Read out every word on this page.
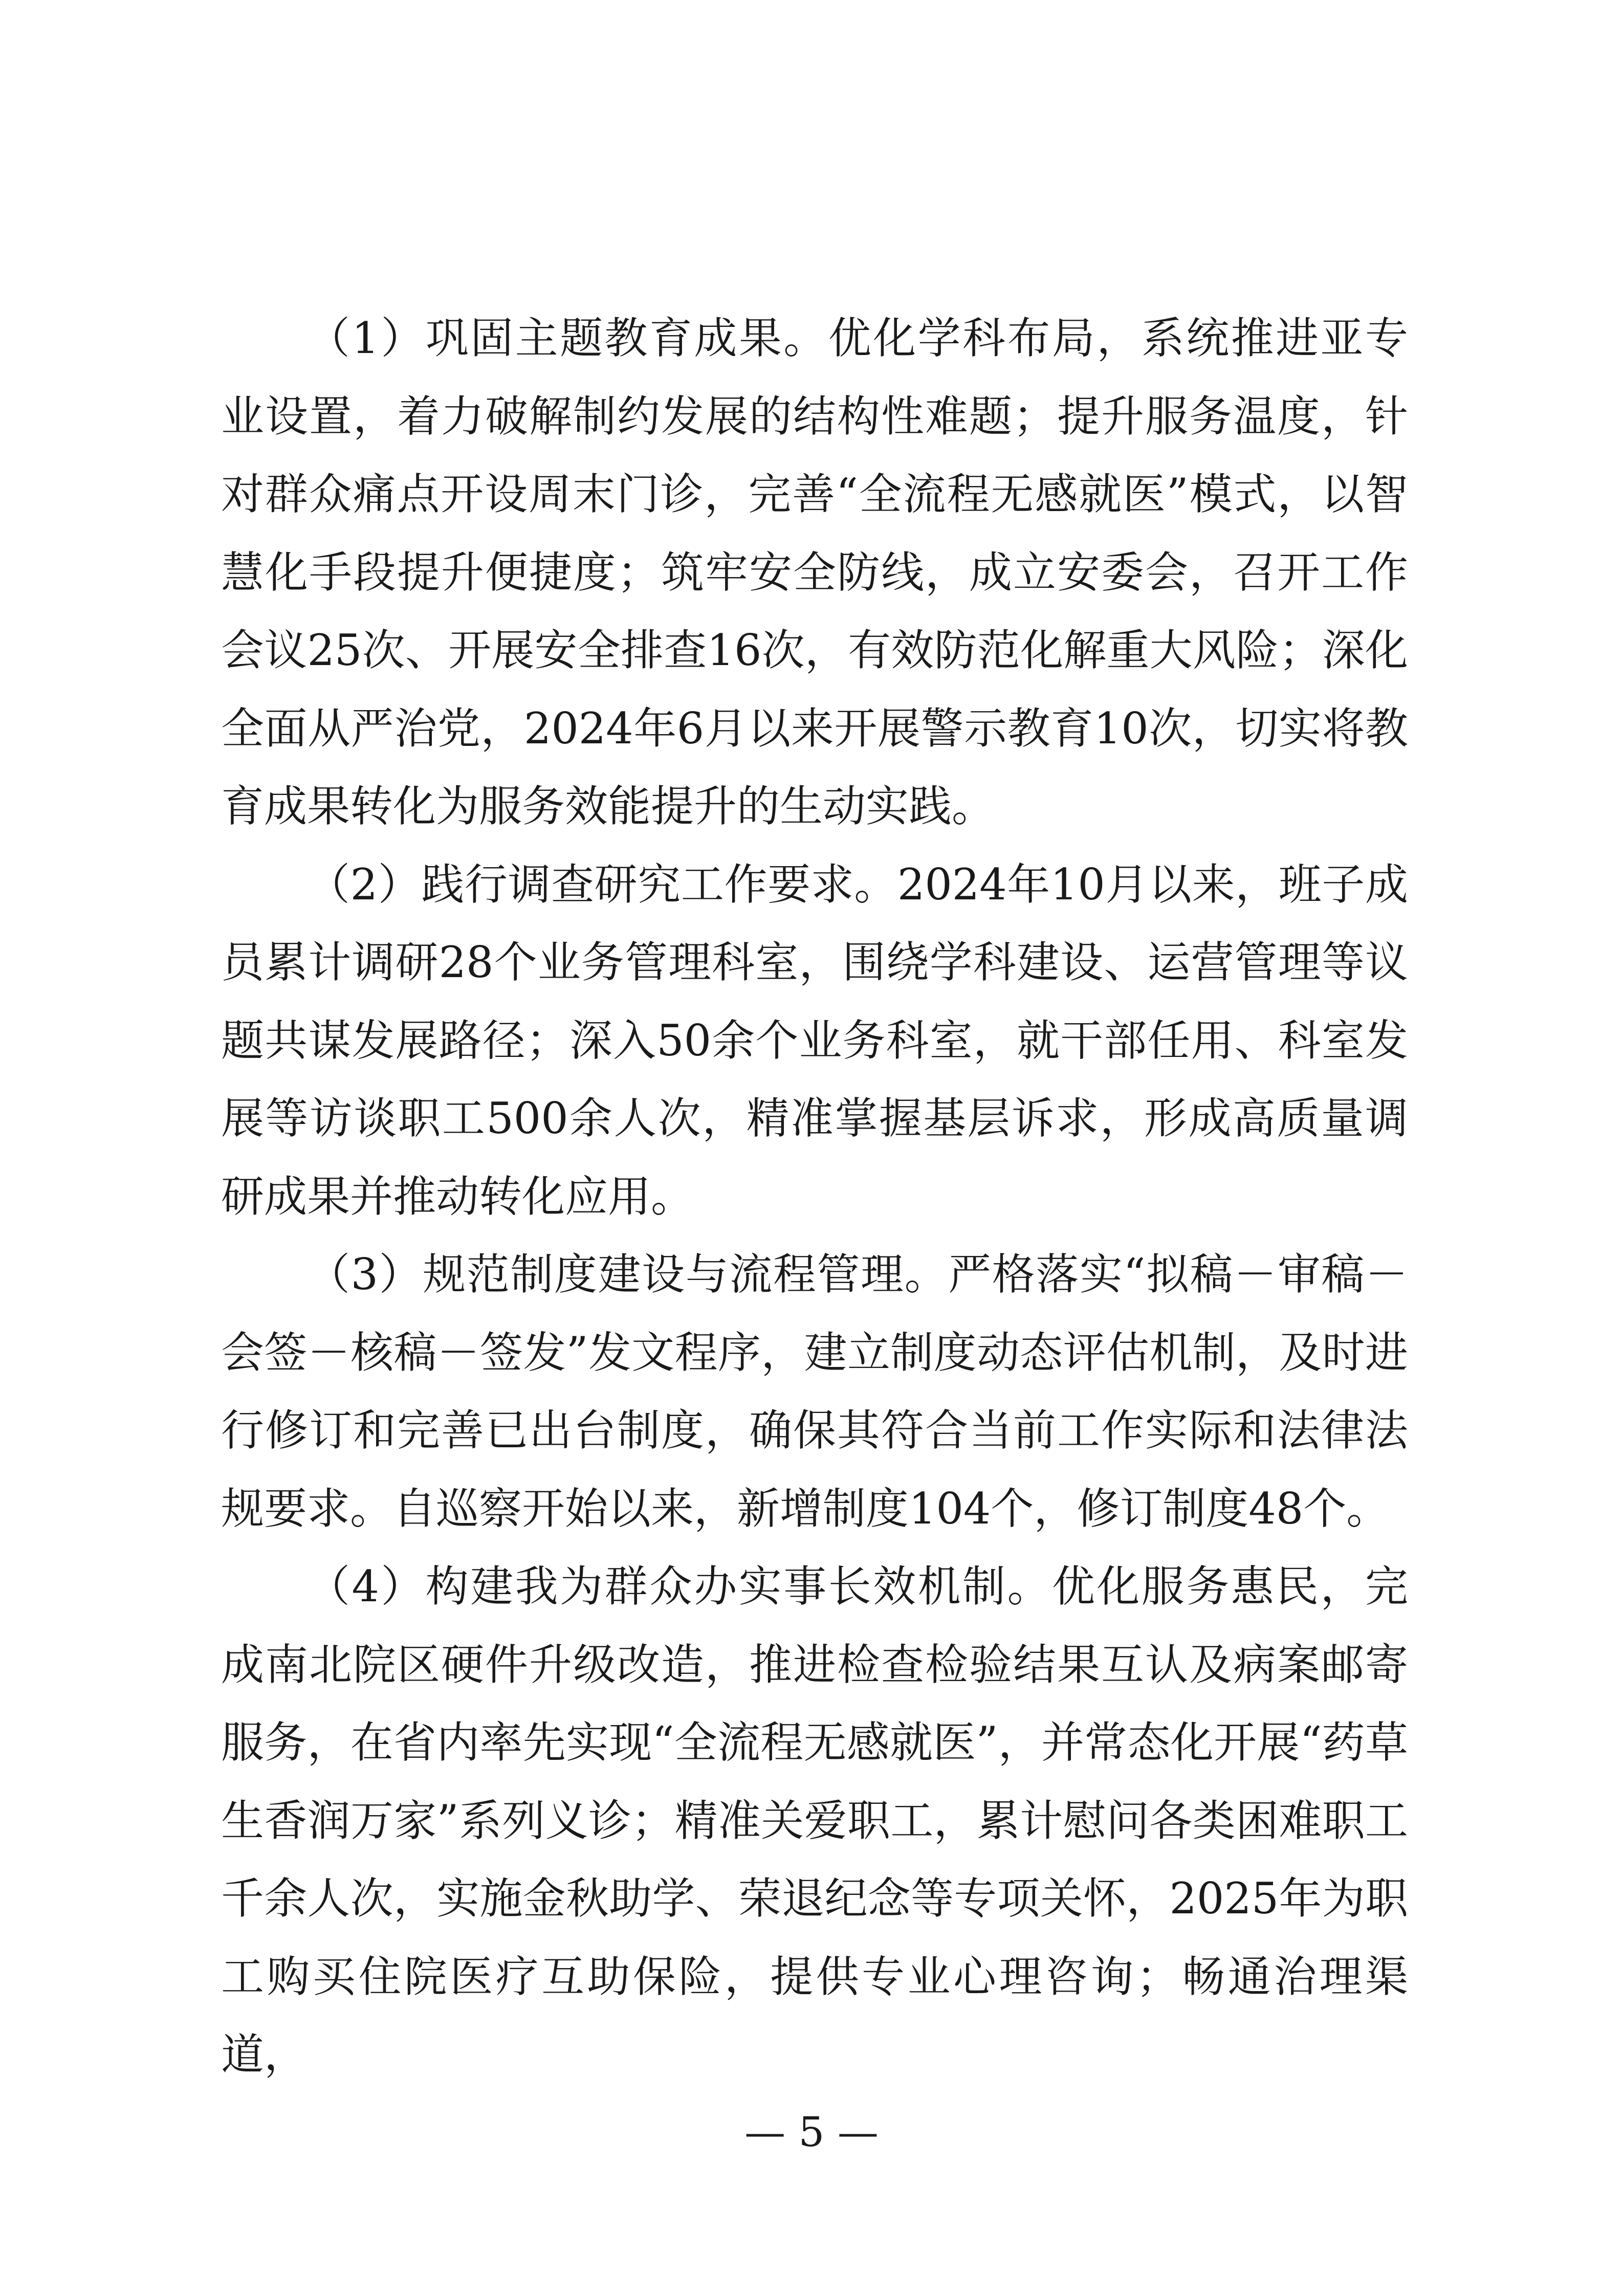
（1）巩固主题教育成果。优化学科布局，系统推进亚专业设置，着力破解制约发展的结构性难题；提升服务温度，针对群众痛点开设周末门诊，完善“全流程无感就医”模式，以智慧化手段提升便捷度；筑牢安全防线，成立安委会，召开工作会议25次、开展安全排查16次，有效防范化解重大风险；深化全面从严治党，2024年6月以来开展警示教育10次，切实将教育成果转化为服务效能提升的生动实践。

（2）践行调查研究工作要求。2024年10月以来，班子成员累计调研28个业务管理科室，围绕学科建设、运营管理等议题共谋发展路径；深入50余个业务科室，就干部任用、科室发展等访谈职工500余人次，精准掌握基层诉求，形成高质量调研成果并推动转化应用。

（3）规范制度建设与流程管理。严格落实“拟稿－审稿－会签－核稿－签发”发文程序，建立制度动态评估机制，及时进行修订和完善已出台制度，确保其符合当前工作实际和法律法规要求。自巡察开始以来，新增制度104个，修订制度48个。

（4）构建我为群众办实事长效机制。优化服务惠民，完成南北院区硬件升级改造，推进检查检验结果互认及病案邮寄服务，在省内率先实现“全流程无感就医”，并常态化开展“药草生香润万家”系列义诊；精准关爱职工，累计慰问各类困难职工千余人次，实施金秋助学、荣退纪念等专项关怀，2025年为职工购买住院医疗互助保险，提供专业心理咨询；畅通治理渠道，

— 5 —
